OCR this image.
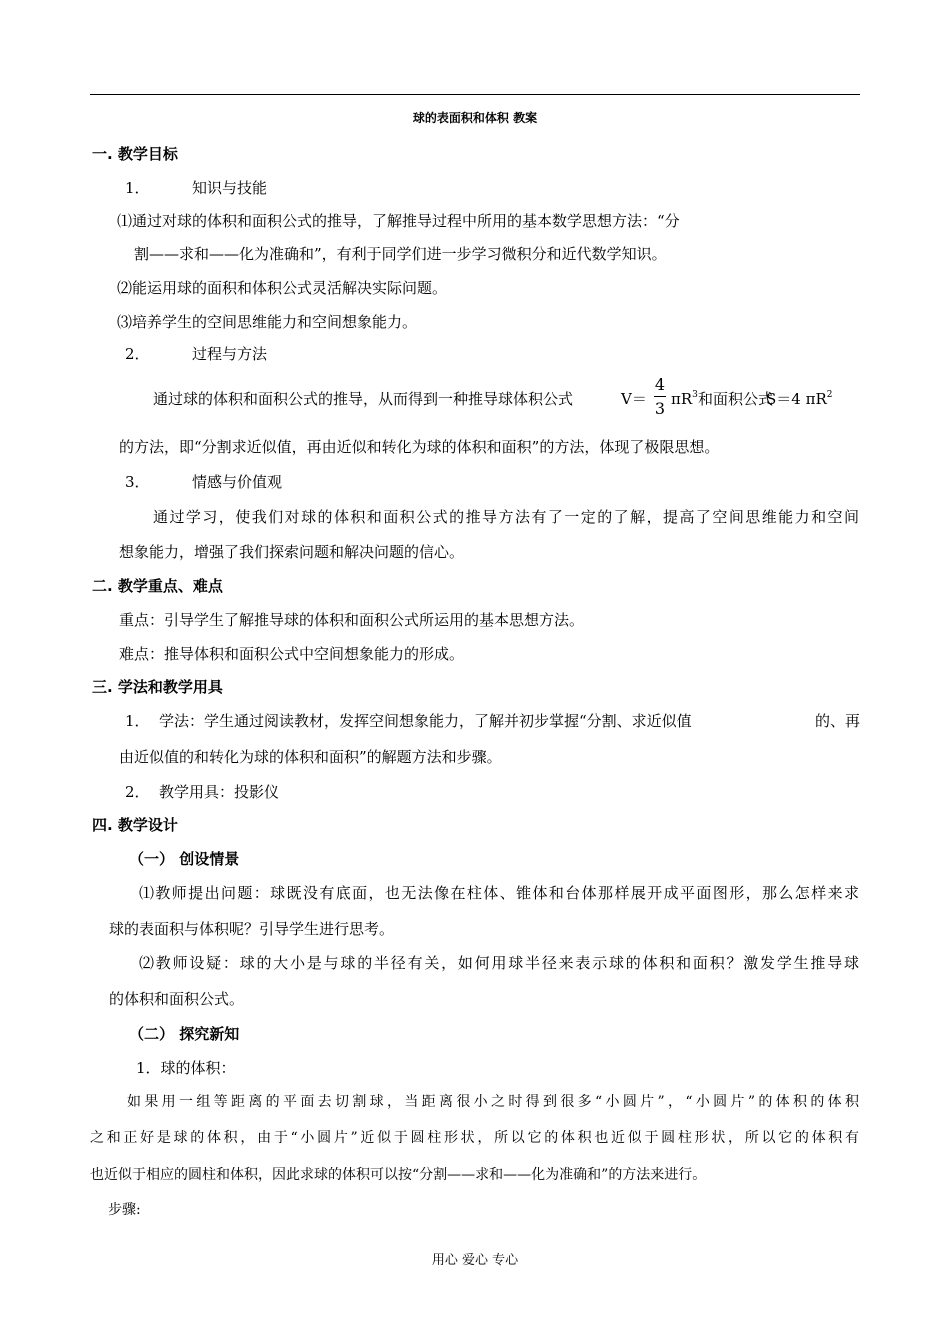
球的表面积和体积 教案
一. 教学目标
1．	知识与技能
⑴通过对球的体积和面积公式的推导，了解推导过程中所用的基本数学思想方法：“分
割——求和——化为准确和”，有利于同学们进一步学习微积分和近代数学知识。
⑵能运用球的面积和体积公式灵活解决实际问题。
⑶培养学生的空间思维能力和空间想象能力。
2．	过程与方法
通过球的体积和面积公式的推导，从而得到一种推导球体积公式	V＝
4
3 $\pi R^3$ 和面积公式
S＝4 $\pi R^2$
的方法，即“分割求近似值，再由近似和转化为球的体积和面积”的方法，体现了极限思想。
3．	情感与价值观
通过学习，使我们对球的体积和面积公式的推导方法有了一定的了解，提高了空间思维能力和空间
想象能力，增强了我们探索问题和解决问题的信心。
二. 教学重点、难点
重点：引导学生了解推导球的体积和面积公式所运用的基本思想方法。
难点：推导体积和面积公式中空间想象能力的形成。
三. 学法和教学用具
1． 学法：学生通过阅读教材，发挥空间想象能力，了解并初步掌握“分割、求近似值	的、再
由近似值的和转化为球的体积和面积”的解题方法和步骤。
2． 教学用具：投影仪
四. 教学设计
（一） 创设情景
⑴教师提出问题：球既没有底面，也无法像在柱体、锥体和台体那样展开成平面图形，那么怎样来求
球的表面积与体积呢？引导学生进行思考。
⑵教师设疑：球的大小是与球的半径有关，如何用球半径来表示球的体积和面积？激发学生推导球
的体积和面积公式。
（二） 探究新知
1．球的体积：
如果用一组等距离的平面去切割球，当距离很小之时得到很多“小圆片”，“小圆片”的体积的体积
之和正好是球的体积，由于“小圆片”近似于圆柱形状，所以它的体积也近似于圆柱形状，所以它的体积有
也近似于相应的圆柱和体积，因此求球的体积可以按“分割——求和——化为准确和”的方法来进行。
步骤:
用心 爱心 专心
